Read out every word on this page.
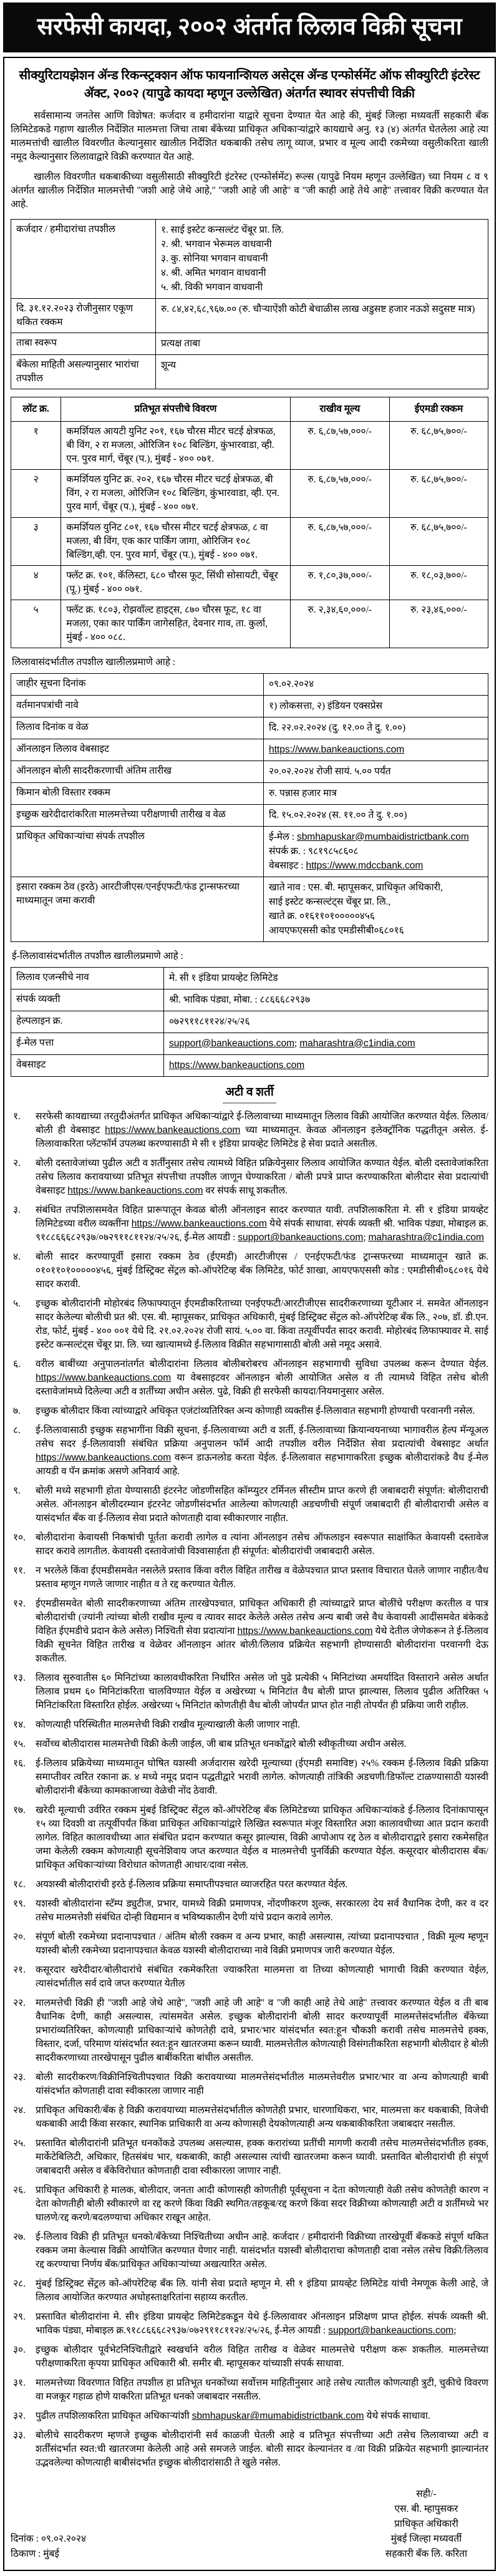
सरफेसी कायदा, २००२ अंतर्गत लिलाव विक्री सूचना
सीक्युरिटायझेशन ॲन्ड रिकन्स्ट्रक्शन ऑफ फायनान्शियल असेट्स ॲन्ड एन्फोर्समेंट ऑफ सीक्युरिटी इंटरेस्ट ॲक्ट, २००२ (यापुढे कायदा म्हणून उल्लेखित) अंतर्गत स्थावर संपत्तीची विक्री

सर्वसामान्य जनतेस आणि विशेषत: कर्जदार व हमीदारांना याद्वारे सूचना देण्यात येत आहे की, मुंबई जिल्हा मध्यवर्ती सहकारी बँक लिमिटेडकडे गहाण खालील निर्देशित मालमत्ता जिचा ताबा बँकेच्या प्राधिकृत अधिकाऱ्यांद्वारे कायद्याचे अनु. १३ (४) अंतर्गत घेतलेला आहे त्या मालमत्तांची खालील विवरणीत केल्यानुसार खालील निर्देशित थकबाकी तसेच लागू व्याज, प्रभार व मूल्य आदी रकमेच्या वसुलीकरिता खाली नमूद केल्यानुसार लिलावाद्वारे विक्री करण्यात येत आहे.

खालील विवरणीत थकबाकीच्या वसुलीसाठी सीक्युरिटी इंटरेस्ट (एन्फोर्समेंट) रूल्स (यापुढे नियम म्हणून उल्लेखित) च्या नियम ८ व ९ अंतर्गत खालील निर्देशित मालमत्तेची ''जशी आहे जेथे आहे,'' ''जशी आहे जी आहे'' व ''जी काही आहे तेथे आहे'' तत्त्वावर विक्री करण्यात येत आहे.

कर्जदार / हमीदारांचा तपशील	१. साई इस्टेट कन्सल्टंट चेंबूर प्रा. लि.
२. श्री. भगवान भेरूमल वाधवानी
३. कु. सोनिया भगवान वाधवानी
४. श्री. अमित भगवान वाधवानी
५. श्री. विकी भगवान वाधवानी

दि. ३१.१२.२०२३ रोजीनुसार एकूण थकित रक्कम	रु. ८४,४२,६८,९६७.०० (रु. चौऱ्याऐंशी कोटी बेचाळीस लाख अडुसष्ट हजार नऊशे सदुसष्ट मात्र)

ताबा स्वरूप	प्रत्यक्ष ताबा

बँकेला माहिती असल्यानुसार भारांचा तपशील	शून्य
लॉट क्र.	प्रतिभूत संपत्तीचे विवरण	राखीव मूल्य	ईएमडी रक्कम
१	कमर्शियल आयटी युनिट २०१, १६७ चौरस मीटर चटई क्षेत्रफळ, बी विंग, २ रा मजला, ओरिजिन १०८ बिल्डिंग, कुंभारवाडा, व्ही. एन. पुरव मार्ग, चेंबूर (प.), मुंबई - ४०० ०७१.	रु. ६,८७,५७,०००/-	रु. ६८,७५,७००/-
२	कमर्शियल युनिट क्र. २०२, १६७ चौरस मीटर चटई क्षेत्रफळ, बी विंग, २ रा मजला, ओरिजिन १०८ बिल्डिंग, कुंभारवाडा, व्ही. एन. पुरव मार्ग, चेंबूर (प.), मुंबई - ४०० ०७१.	रु. ६,८७,५७,०००/-	रु. ६८,७५,७००/-
३	कमर्शियल युनिट ८०१, १६७ चौरस मीटर चटई क्षेत्रफळ, ८ वा मजला, बी विंग, एक कार पार्किंग जागा, ओरिजिन १०८ बिल्डिंग,व्ही. एन. पुरव मार्ग, चेंबूर (प.), मुंबई - ४०० ०७१.	रु. ६,८७,५७,०००/-	रु. ६८,७५,७००/-
४	फ्लॅट क्र. १०१, कॅलिस्टा, ६८० चौरस फूट, सिंधी सोसायटी, चेंबूर (पू.) मुंबई - ४०० ०७१.	रु. १,८०,३७,०००/-	रु. १८,०३,७००/-
५	फ्लॅट क्र. १८०३, रोझवॉल्ट हाइट्स, ८७० चौरस फूट, १८ वा मजला, एका कार पार्किंग जागेसहित, देवनार गाव, ता. कुर्ला, मुंबई - ४०० ०८८.	रु. २,३४,६०,०००/-	रु. २३,४६,०००/-
लिलावासंदर्भातील तपशील खालीलप्रमाणे आहे :
जाहीर सूचना दिनांक	०९.०२.२०२४

वर्तमानपत्रांची नावे	१) लोकसत्ता, २) इंडियन एक्सप्रेस

लिलाव दिनांक व वेळ	दि. २२.०२.२०२४ (दु. १२.०० ते दु. १.००)

ऑनलाइन लिलाव वेबसाइट	https://www.bankeauctions.com

ऑनलाइन बोली सादरीकरणाची अंतिम तारीख	२०.०२.२०२४ रोजी सायं. ५.०० पर्यंत

किमान बोली विस्तार रक्कम	रु. पन्नास हजार मात्र

इच्छुक खरेदीदारांकरिता मालमत्तेच्या परीक्षणाची तारीख व वेळ	दि. १५.०२.२०२४ (स. ११.०० ते दु. १.००)

प्राधिकृत अधिकाऱ्यांचा संपर्क तपशील	ई-मेल : sbmhapuskar@mumbaidistrictbank.com
संपर्क क्र. : ९८१९८५८६०८
वेबसाइट : https://www.mdccbank.com

इसारा रक्कम ठेव (इरठे) आरटीजीएस/एनईएफटी/फंड ट्रान्सफरच्या माध्यमातून जमा करावी	खाते नाव : एस. बी. म्हापूसकर, प्राधिकृत अधिकारी,
साई इस्टेट कन्सल्टंट्स चेंबूर प्रा. लि.,
खाते क्र. ०१६११०१०००००४५६
आयएफएससी कोड एमडीसीबी०६८०१६
ई-लिलावासंदर्भातील तपशील खालीलप्रमाणे आहे :
लिलाव एजन्सीचे नाव	मे. सी १ इंडिया प्रायव्हेट लिमिटेड

संपर्क व्यक्ती	श्री. भाविक पंड्या, मोबा. : ८८६६६८२९३७

हेल्पलाइन क्र.	०७२९११८११२४/२५/२६

ई-मेल पत्ता	support@bankeauctions.com; maharashtra@c1india.com

वेबसाइट	https://www.bankeauctions.com
अटी व शर्ती
१.	सरफेसी कायद्याच्या तरतुदीअंतर्गत प्राधिकृत अधिकाऱ्यांद्वारे ई-लिलावाच्या माध्यमातून लिलाव विक्री आयोजित करण्यात येईल. लिलाव/बोली ही वेबसाइट https://www.bankeauctions.com च्या माध्यमातून. केवळ ऑनलाइन इलेक्ट्रॉनिक पद्धतीतून असेल. ई-लिलावाकरिता प्लॅटफॉर्म उपलब्ध करण्यासाठी मे सी १ इंडिया प्रायव्हेट लिमिटेड हे सेवा प्रदाते असतील.
२.	बोली दस्तावेजांच्या पुढील अटी व शर्तींनुसार तसेच त्यामध्ये विहित प्रक्रियेनुसार लिलाव आयोजित कण्यात येईल. बोली दस्तावेजांकरिता तसेच लिलाव करावयाच्या प्रतिभूत संपत्तीचा तपशील जाणून घेण्याकरिता / बोली प्रपत्रे प्राप्त करण्याकरिता बोलीदार सेवा प्रदात्यांची वेबसाइट https://www.bankeauctions.com वर संपर्क साधू शकतील.
३.	संबंधित तपशिलासमवेत विहित प्रारूपातून केवळ बोली ऑनलाइन सादर करण्यात यावी. तपशिलाकरिता मे. सी १ इंडिया प्रायव्हेट लिमिटेडच्या वरील व्यक्तींना https://www.bankeauctions.com येथे संपर्क साधावा. संपर्क व्यक्ती श्री. भाविक पंड्या, मोबाइल क्र. ९१८८६६६८२९३७/०७२९११८११२४/२५/२६, ई-मेल आयडी : support@bankeauctions.com; maharashtra@c1india.com
४.	बोली सादर करण्यापूर्वी इसारा रक्कम ठेव (ईएमडी) आरटीजीएस / एनईएफटी/फंड ट्रान्सफरच्या माध्यमातून खाते क्र. ०१०११०१०००००४५६, मुंबई डिस्ट्रिक्ट सेंट्रल को-ऑपरेटिव्ह बँक लिमिटेड, फोर्ट शाखा, आयएफएससी कोड : एमडीसीबी०६८०१६ येथे सादर करावी.
५.	इच्छुक बोलीदारांनी मोहोरबंद लिफाफ्यातून ईएमडीकरिताच्या एनईएफटी/आरटीजीएस सादरीकरणाच्या यूटीआर नं. समवेत ऑनलाइन सादर केलेल्या बोलीची प्रत श्री. एस. बी. म्हापूसकर, प्राधिकृत अधिकारी, मुंबई डिस्ट्रिक्ट सेंट्रल को-ऑपरेटिव्ह बँक लि., २०७, डॉ. डी.एन. रोड, फोर्ट, मुंबई - ४०० ००१ येथे दि. २१.०२.२०२४ रोजी सायं. ५.०० वा. किंवा तत्पूर्वीपर्यंत सादर करावी. मोहोरबंद लिफाफ्यावर मे. साई इस्टेट कन्सल्टंट्स चेंबूर प्रा. लि. च्या खात्यामध्ये ई-लिलाव विक्रीत सहभागासाठी बोली असे नमूद असावे.
६.	वरील बाबींच्या अनुपालनांतर्गत बोलीदारांना लिलाव बोलीबरोबरच ऑनलाइन सहभागाची सुविधा उपलब्ध करून देण्यात येईल. https://www.bankeauctions.com या वेबसाइटवर ऑनलाइन बोली आयोजित असेल व ती त्यामध्ये विहित तसेच बोली दस्तावेजांमध्ये दिलेल्या अटी व शर्तींच्या अधीन असेल. पुढे, विक्री ही सरफेसी कायदा/नियमानुसार असेल.
७.	इच्छुक बोलीदार किंवा त्यांच्याद्वारे अधिकृत एजंटांव्यतिरिक्त अन्य कोणाही व्यक्तीस ई-लिलावात सहभागी होण्याची परवानगी नसेल.
८.	ई-लिलावासाठी इच्छुक सहभागींना विक्री सूचना, ई-लिलावाच्या अटी व शर्ती, ई-लिलावाच्या क्रियान्वयनाच्या भागावरील हेल्प मॅन्यूअल तसेच सदर ई-लिलावाशी संबंधित प्रक्रिया अनुपालन फॉर्म आदी तपशील वरील निर्देशित सेवा प्रदात्यांची वेबसाइट अर्थात https://www.bankeauctions.com वरून डाऊनलोड करता येईल. ई-लिलावात सहभागाकरिता इच्छुक बोलीदारांकडे वैध ई-मेल आयडी व पॅन क्रमांक असणे अनिवार्य आहे.
९.	बोली मध्ये सहभागी होता येण्यासाठी इंटरनेट जोडणीसहित कॉम्प्युटर टर्मिनल सीस्टीम प्राप्त करणे ही जबाबदारी संपूर्णत: बोलीदाराची असेल. ऑनलाइन बोलीदरम्यान इंटरनेट जोडणीसंदर्भात आलेल्या कोणत्याही अडचणीची संपूर्ण जबाबदारी ही बोलीदाराची असेल व यासंदर्भात बँक वा ई-लिलाव सेवा प्रदाते कोणताही दावा स्वीकारणार नाहीत.
१०.	बोलीदारांना केवायसी निकषांची पूर्तता करावी लागेल व त्यांना ऑनलाइन तसेच ऑफलाइन स्वरूपात साक्षांकित केवायसी दस्तावेज सादर करावे लागतील. केवायसी दस्तावेजांची विश्वासार्हता ही संपूर्णत: बोलीदारांची जबाबदारी असेल.
११.	न भरलेले किंवा ईएमडीसमवेत नसलेले प्रस्ताव किंवा वरील विहित तारीख व वेळेपश्चात प्राप्त प्रस्ताव विचारात घेतले जाणार नाहीत/वैध प्रस्ताव म्हणून गणले जाणार नाहीत व ते रद्द करण्यात येतील.
१२.	ईएमडीसमवेत बोली सादरीकरणाच्या अंतिम तारखेपश्चात, प्राधिकृत अधिकारी ही त्यांच्याद्वारे प्राप्त बोलींचे परीक्षण करतील व पात्र बोलीदारांची (ज्यांनी त्यांच्या बोली राखीव मूल्य व त्यावर सादर केलेले असेल तसेच अन्य बाबी जसे वैध केवायसी आदींसमवेत बंकेकडे विहित ईएमडीचे प्रदान केले असेल) निश्चिती सेवा प्रदात्यांना https://www.bankeauctions.com येथे देतील जेणेकरून ते ई-लिलाव विक्री सूचनेत विहित तारीख व वेळेवर ऑनलाइन आंतर बोली/लिलाव प्रक्रियेत सहभागी होण्यासाठी बोलीदारांना परवानगी देऊ शकतील.
१३.	लिलाव सुरुवातीस ६० मिनिटांच्या कालावधीकरिता निर्धारित असेल जो पुढे प्रत्येकी ५ मिनिटांच्या अमर्यादित विस्ताराने असेल अर्थात लिलाव प्रथम ६० मिनिटांकरिता चालविण्यात येईल व अखेरच्या ५ मिनिटांत वैध बोली प्राप्त झाल्यास, लिलाव पुढील अतिरिक्त ५ मिनिटांकरिता विस्तारित होईल. अखेरच्या ५ मिनिटांत कोणतीही वैध बोली जोपर्यंत प्राप्त होत नाही तोपर्यंत ही प्रक्रिया जारी राहील.
१४.	कोणत्याही परिस्थितीत मालमत्तेची विक्री राखीव मूल्याखाली केली जाणार नाही.
१५.	सर्वोच्च बोलीदारास मालमत्तेची विक्री केली जाईल, जी बाब प्रतिभूत धनकोंद्वारे बोली स्वीकृतीच्या अधीन असेल.
१६.	ई-लिलाव प्रक्रियेच्या माध्यमातून घोषित यशस्वी अर्जदारास खरेदी मूल्याच्या (ईएमडी समाविष्ट) २५% रक्कम ई-लिलाव विक्री प्रक्रिया समाप्तीवर त्वरित रकाना क्र. ४ मध्ये नमूद प्रदान पद्धतीद्वारे भरावी लागेल. कोणत्याही तांत्रिकी अडचणी/डिफॉल्ट टाळण्यासाठी यशस्वी बोलीदारांनी बँकेच्या कामकाजाच्या वेळेची नोंद ठेवावी.
१७.	खरेदी मूल्याची उर्वरित रक्कम मुंबई डिस्ट्रिक्ट सेंट्रल को-ऑपरेटिव्ह बँक लिमिटेडच्या प्राधिकृत अधिकाऱ्यांकडे ई-लिलाव दिनांकापासून १५ व्या दिवशी वा तत्पूर्वीपर्यंत किंवा प्राधिकृत अधिकाऱ्यांद्वारे लिखित स्वरूपात मंजूर विस्तारित अशा कालावधीच्या आत प्रदान करावी लागेल. विहित कालावधीच्या आत संबंधित प्रदान करण्यात कसूर झाल्यास, विक्री आपोआप रद्द ठेल व बोलीदाराद्वारे इसारा रकमेसहित जमा केलेली रक्कम कोणत्याही सूचनेशिवाय जप्त करण्यात येईल व मालमत्तेची पुनर्विक्री करण्यात येईल. कसूरदार बोलीदारास बँक/प्राधिकृत अधिकाऱ्यांच्या विरोधात कोणताही आधार/दावा नसेल.
१८.	अयशस्वी बोलीदारांची इरठे ई-लिलाव प्रक्रिया समाप्तीपश्चात व्याजरहित परत करण्यात येईल.
१९.	यशस्वी बोलीदारांना स्टॅम्प ड्युटीज, प्रभार, यामध्ये विक्री प्रमाणपत्र, नोंदणीकरण शुल्क, सरकारला देय सर्व वैधानिक देणी, कर व दर तसेच मालमत्तेशी संबंधित दोन्ही विद्यमान व भविष्यकालीन देणी यांचे प्रदान करावे लागेल.
२०.	संपूर्ण बोली रकमेच्या प्रदानापश्चात / अंतिम बोली रक्कम व अन्य प्रभार, काही असल्यास, त्यांच्या प्रदानापश्चात , विक्री मूल्य म्हणून यशस्वी बोली रकमेच्या प्रदानापश्चात केवळ यशस्वी बोलीदाराच्या नावे विक्री प्रमाणपत्र जारी करण्यात येईल.
२१.	कसूरदार खरेदीदार/बोलीदारांचे संबंधित रकमेकरिता ज्याकरिता मालमत्ता वा तिच्या कोणत्याही भागाची विक्री करण्यात येईल, त्यासंदर्भातील सर्व दावे जप्त करण्यात येतील
२२.	मालमत्तेची विक्री ही ''जशी आहे जेथे आहे'', ''जशी आहे जी आहे'' व ''जी काही आहे तेथे आहे'' तत्त्वावर करण्यात येईल व ती बाब वैधानिक देणी, काही असल्यास, त्यांसमवेत असेल. इच्छुक बोलीदारांनी बोली सादर करण्यापूर्वी मालमत्तेसंदर्भातील बँकेच्या प्रभारांव्यतिरिक्त, कोणत्याही प्राधिकाऱ्यांचे कोणतेही दावे, प्रभार/भार यांसंदर्भात स्वत:हून चौकशी करावी तसेच मालमत्तेचे हक्क, विस्तार, दर्जा, परिमाण यांसंदर्भात स्वत:हून खातरजमा करून घ्यावी. मालमत्तेतील कोणत्याही विसंगतीकरिता सहभागी बोलीदार हे बोली सादरीकरणाच्या तारखेपासून पुढील बाबींकरिता बांधील असतील.
२३.	बोली सादरीकरण/विक्रीनिश्चितीपश्चात विक्री करावयाच्या मालमत्तेसंदर्भातील मालमत्तेवरील प्रभार/भार वा अन्य कोणत्याही बाबी यांसंदर्भात कोणताही दावा स्वीकारला जाणार नाही
२४.	प्राधिकृत अधिकारी/बँक हे विक्री करावयाच्या मालमत्तेसंदर्भातील कोणतेही प्रभार, धारणाधिकरा, भार, मालमत्ता कर थकबाकी, विजेची थकबाकी आदी किंवा सरकार, स्थानिक प्राधिकारी वा अन्य कोणासही देयकोणत्याही अन्य थकबाकीकरिता जबाबदार नसतील.
२५.	प्रस्तावित बोलीदारांनी प्रतिभूत धनकोंकडे उपलब्ध असल्यास, हक्क करारांच्या प्रतींची मागणी करावी तसेच मालमत्तेसंदर्भातील हक्क, मार्केटेबिलिटी, अधिकार, हितसंबंध भार, थकबाकी, काही असल्यास त्यांची खातरजमा करून घ्यावी. प्रस्तावित बोलीदारांची ही संपूर्ण जबाबदारी असेल व बँकेविरोधात कोणताही दावा स्वीकारला जाणार नाही.
२६.	प्राधिकृत अधिकारी हे मालक, बोलीदार, जनता आदी कोणासही कोणतीही पूर्वसूचना न देता कोणत्याही वेळी तसेच कोणतेही कारण न देता कोणतीही बोली स्वीकारणे वा रद्द करणे किंवा विक्री स्थगित/तहकूब/रद्द करणे किंवा सदर विक्रीच्या कोणत्याही अटी व शर्तींमध्ये भर घालणे/रद्द करणे/बदलण्याचा अधिकार राखून आहेत.
२७.	ई-लिलाव विक्री ही प्रतिभूत धनको/बँकेच्या निश्चितीच्या अधीन आहे. कर्जदार / हमीदारांनी विक्रीच्या तारखेपूर्वी बँककडे संपूर्ण थकित रक्कम जमा केल्यास विक्री आयोजित करण्यात येणार नाही. यासंदर्भात यशस्वी बोलीदाराचा कोणताही दावा नसेल तसेच विक्री/लिलाव रद्द करण्याचा निर्णय बँक/प्राधिकृत अधिकाऱ्यांच्या अखत्यारित असेल.
२८.	मुंबई डिस्ट्रिक्ट सेंट्रल को-ऑपरेटिव्ह बँक लि. यांनी सेवा प्रदाते म्हणून मे. सी १ इंडिया प्रायव्हेट लिमिटेड यांची नेमणूक केली आहे, जे लिलाव आयोजित करण्यात अधोहस्ताक्षरितांना सहाय्य करतील.
२९.	प्रस्तावित बोलीदारांना मे. सी१ इंडिया प्रायव्हेट लिमिटेडकडून येथे ई-लिलावावर ऑनलाइन प्रशिक्षण प्राप्त होईल. संपर्क व्यक्ती श्री. भाविक पंड्या, मोबाइल क्र.९१८८६६६८२९३७/०७२९११८११२४/२५/२६, ई-मेल आयडी : support@bankeauctions.com;
३०.	इच्छुक बोलीदार पूर्वभेटनिश्चितीद्वारे स्वखर्चाने वरील विहित तारीख व वेळेवर मालमत्तेचे परीक्षण करू शकतील. मालमत्तेच्या परीक्षणाकरिता कृपया प्राधिकृत अधिकारी श्री. समीर बी. म्हापूसकर यांच्याशी संपर्क साधावा.
३१.	मालमत्तेच्या विवरणात विहित तपशील हा प्रतिभूत धनकोंच्या सर्वोत्तम माहितीनुसार आहे तसेच त्यातील कोणत्याही त्रुटी, चुकीचे विवरण वा मजकूर गहाळ होणे याकरिता प्रतिभूत धनको जबाबदार नसतील.
३२.	पुढील तपशिलाकरिता प्राधिकृत अधिकाऱ्यांशी sbmhapuskar@mumabidistrictbank.com येथे संपर्क साधावा.
३३.	बोलीचे सादरीकरण म्हणजे इच्छुक बोलीदारांनी सर्व काळजी घेतली आहे व प्रतिभूत संपत्तीच्या अटी तसेच लिलावाच्या अटी व शर्तींसंदर्भात स्वत:ची खातरजमा केलेली आहे असे समजले जाईल. बोली सादर केल्यानंतर व /वा विक्री प्रक्रियेत सहभागी झाल्यानंतर उद्भवलेल्या कोणत्याही बाबीसंदर्भात इच्छुक बोलीदारांसाठी ते खुले नसेल.
दिनांक : ०९.०२.२०२४
ठिकाण : मुंबई
सही/-
एस. बी. म्हापुसकर
प्राधिकृत अधिकारी
मुंबई जिल्हा मध्यवर्ती
सहकारी बँक लि. करिता
